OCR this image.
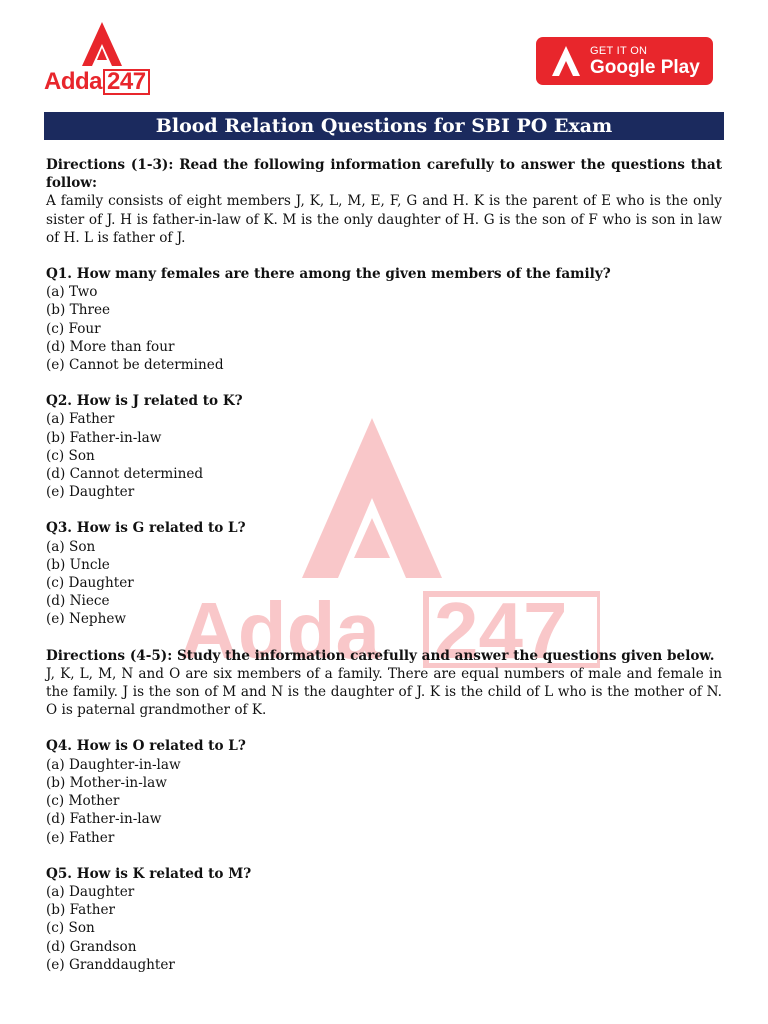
Adda 247
GET IT ON
Google Play
Blood Relation Questions for SBI PO Exam
Adda 247

Directions (1-3): Read the following information carefully to answer the questions that follow:

A family consists of eight members J, K, L, M, E, F, G and H. K is the parent of E who is the only sister of J. H is father-in-law of K. M is the only daughter of H. G is the son of F who is son in law of H. L is father of J.

Q1. How many females are there among the given members of the family?
(a) Two
(b) Three
(c) Four
(d) More than four
(e) Cannot be determined
Q2. How is J related to K?
(a) Father
(b) Father-in-law
(c) Son
(d) Cannot determined
(e) Daughter
Q3. How is G related to L?
(a) Son
(b) Uncle
(c) Daughter
(d) Niece
(e) Nephew

Directions (4-5): Study the information carefully and answer the questions given below.

J, K, L, M, N and O are six members of a family. There are equal numbers of male and female in the family. J is the son of M and N is the daughter of J. K is the child of L who is the mother of N. O is paternal grandmother of K.

Q4. How is O related to L?
(a) Daughter-in-law
(b) Mother-in-law
(c) Mother
(d) Father-in-law
(e) Father
Q5. How is K related to M?
(a) Daughter
(b) Father
(c) Son
(d) Grandson
(e) Granddaughter
